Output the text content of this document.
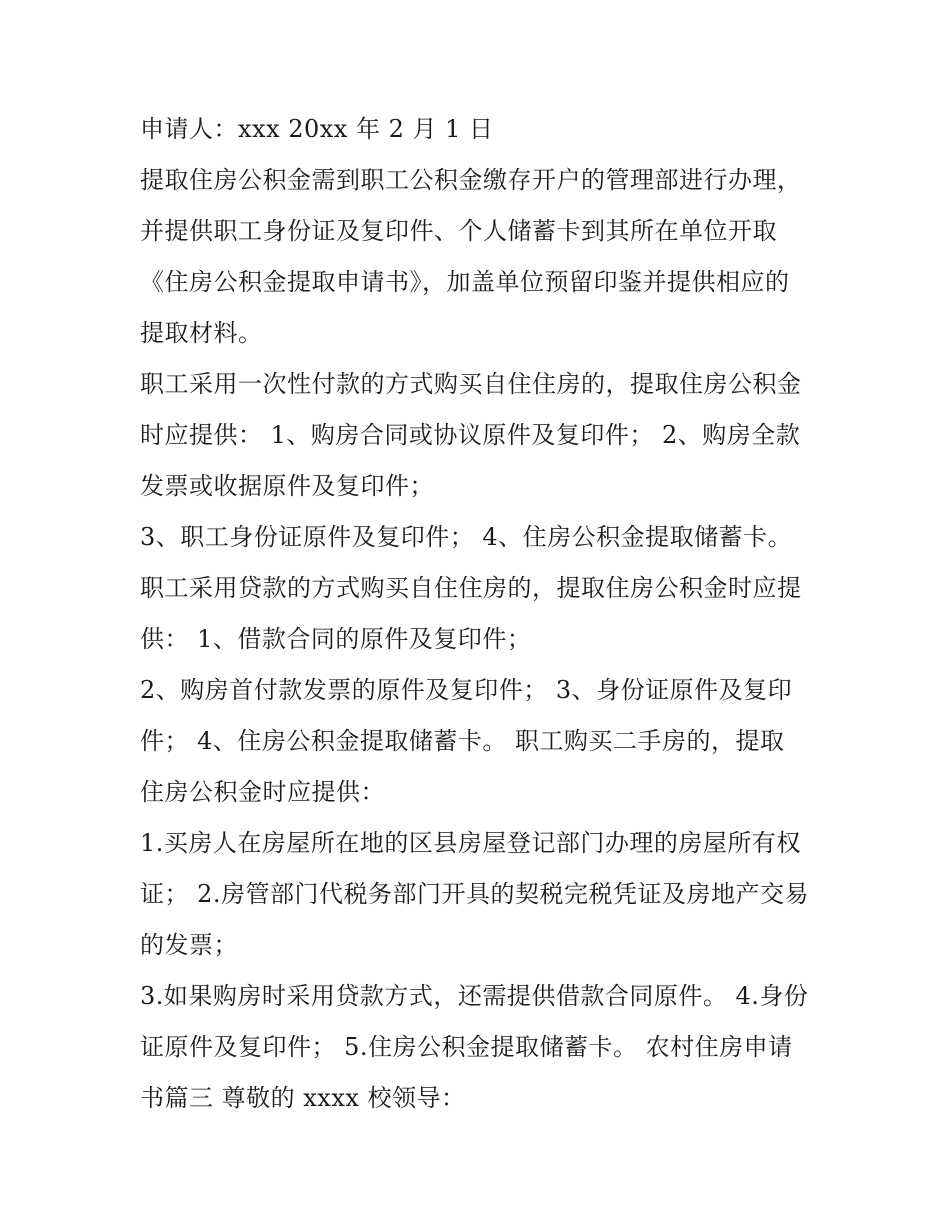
申请人：xxx 20xx 年 2 月 1 日
提取住房公积金需到职工公积金缴存开户的管理部进行办理，
并提供职工身份证及复印件、个人储蓄卡到其所在单位开取
《住房公积金提取申请书》，加盖单位预留印鉴并提供相应的
提取材料。
职工采用一次性付款的方式购买自住住房的，提取住房公积金
时应提供： 1、购房合同或协议原件及复印件； 2、购房全款
发票或收据原件及复印件；
3、职工身份证原件及复印件； 4、住房公积金提取储蓄卡。
职工采用贷款的方式购买自住住房的，提取住房公积金时应提
供： 1、借款合同的原件及复印件；
2、购房首付款发票的原件及复印件； 3、身份证原件及复印
件； 4、住房公积金提取储蓄卡。 职工购买二手房的，提取
住房公积金时应提供：
1.买房人在房屋所在地的区县房屋登记部门办理的房屋所有权
证； 2.房管部门代税务部门开具的契税完税凭证及房地产交易
的发票；
3.如果购房时采用贷款方式，还需提供借款合同原件。 4.身份
证原件及复印件； 5.住房公积金提取储蓄卡。 农村住房申请
书篇三 尊敬的 xxxx 校领导：
